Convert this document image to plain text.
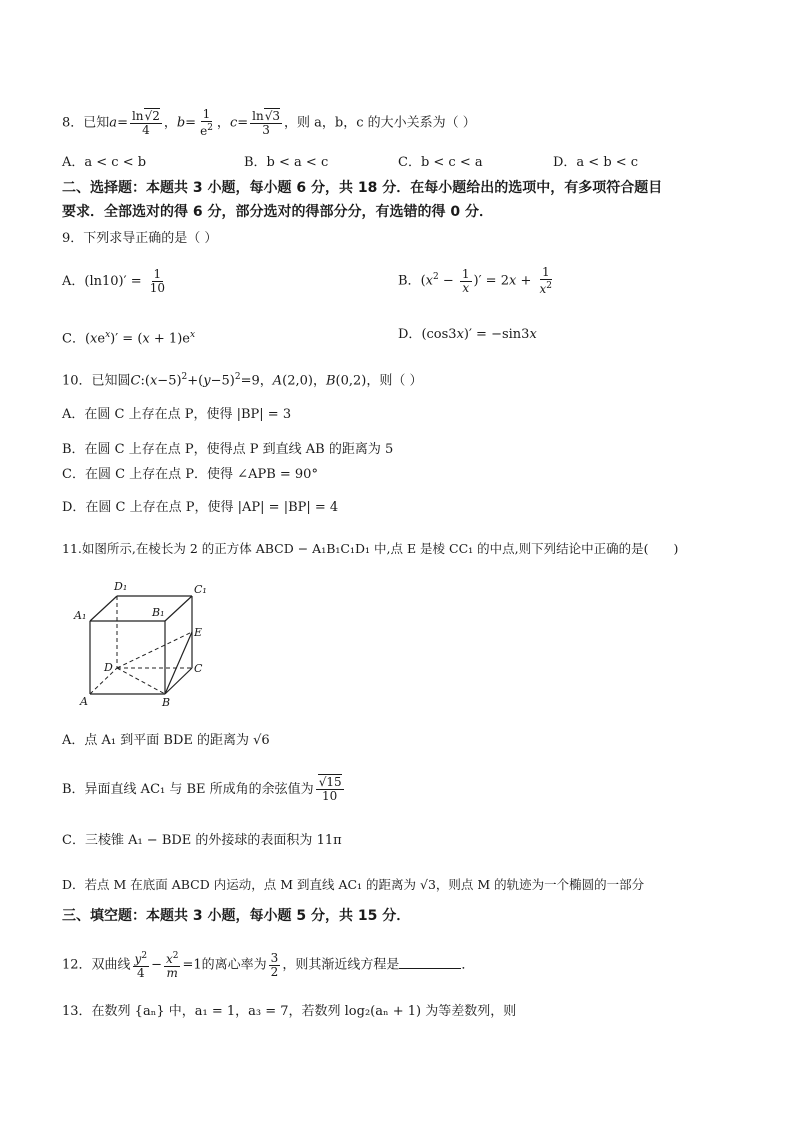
8．已知$a= \frac{\ln√2}{4}$ ，$b= \frac{1}{e^2}$ ，$c= \frac{\ln√3}{3}$ ，则 a，b，c 的大小关系为（ ）
A．a < c < b	B．b < a < c	C．b < c < a	D．a < b < c
二、选择题：本题共 3 小题，每小题 6 分，共 18 分．在每小题给出的选项中，有多项符合题目
要求．全部选对的得 6 分，部分选对的得部分分，有选错的得 0 分．
9．下列求导正确的是（ ）
A．$(\ln 10)' = \frac{1}{10}$	B．($x^2 - \frac{1}{x}$ )′ = $2x + \frac{1}{x^2}$
C．$(xe^x)' = (x + 1)e^x$	D．(cos3x)′ = −sin3x
10．已知圆$C:(x-5)^2+(y-5)^2=9$，A(2,0)，B(0,2)，则（ ）
A．在圆 C 上存在点 P，使得 |BP| = 3
B．在圆 C 上存在点 P，使得点 P 到直线 AB 的距离为 5
C．在圆 C 上存在点 P．使得 ∠APB = 90°
D．在圆 C 上存在点 P，使得 |AP| = |BP| = 4
11.如图所示,在棱长为 2 的正方体 ABCD − A₁B₁C₁D₁ 中,点 E 是棱 CC₁ 的中点,则下列结论中正确的是(　　)
D₁	C₁
A₁	B₁
E
D	C
A	B
A．点 A₁ 到平面 BDE 的距离为 √6
B．异面直线 AC₁ 与 BE 所成角的余弦值为 $\frac{√15}{10}$
C．三棱锥 A₁ − BDE 的外接球的表面积为 11π
D．若点 M 在底面 ABCD 内运动，点 M 到直线 AC₁ 的距离为 √3，则点 M 的轨迹为一个椭圆的一部分
三、填空题：本题共 3 小题，每小题 5 分，共 15 分．
12．双曲线 $\frac{y^2}{4} - \frac{x^2}{m} =1$的离心率为 $\frac{3}{2}$ ，则其渐近线方程是	．
13．在数列 {aₙ} 中，a₁ = 1，a₃ = 7，若数列 log₂(aₙ + 1) 为等差数列，则
